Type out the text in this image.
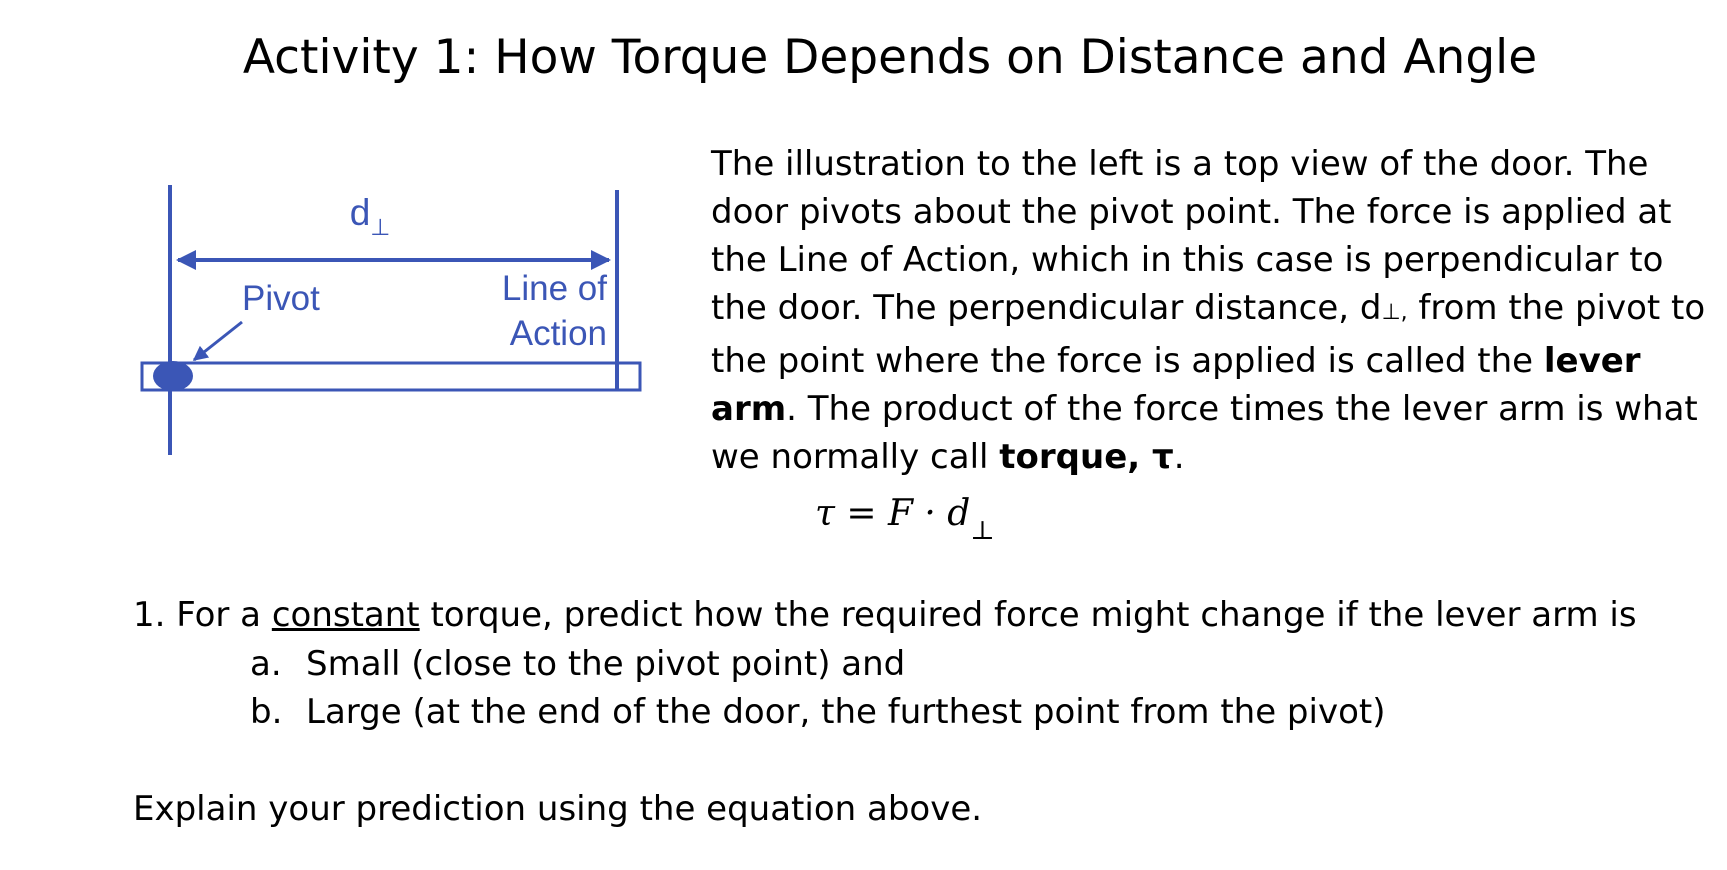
Activity 1: How Torque Depends on Distance and Angle
$d_\perp$
Pivot	Line of
Action
The illustration to the left is a top view of the door. The door pivots about the pivot point. The force is applied at the Line of Action, which in this case is perpendicular to the door. The perpendicular distance, d⊥, from the pivot to the point where the force is applied is called the lever arm. The product of the force times the lever arm is what we normally call torque, τ.
$\tau = F \cdot d_\perp$
1. For a constant torque, predict how the required force might change if the lever arm is
a. Small (close to the pivot point) and
b. Large (at the end of the door, the furthest point from the pivot)
Explain your prediction using the equation above.
